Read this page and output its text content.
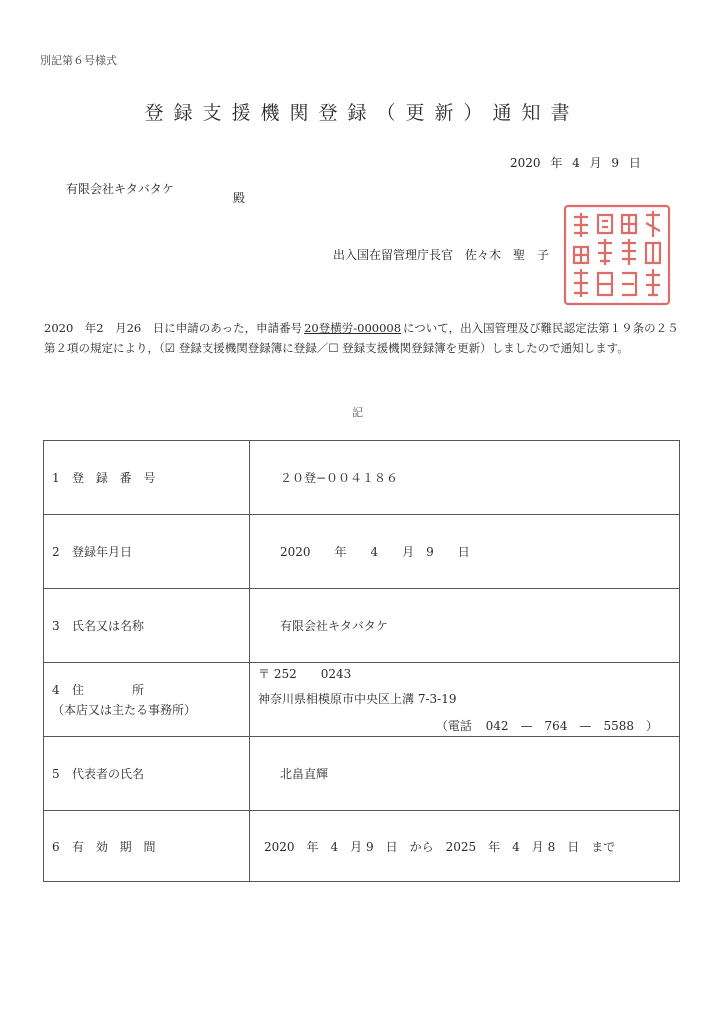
別記第６号様式
登録支援機関登録（更新）通知書
2020 年 4 月 9 日
有限会社キタバタケ
殿
出入国在留管理庁長官　佐々木　聖　子
2020　年2　月26　日に申請のあった，申請番号 20登横労-000008 について，出入国管理及び難民認定法第１９条の２５第２項の規定により，（☑ 登録支援機関登録簿に登録／☐ 登録支援機関登録簿を更新）しましたので通知します。
記
1 登 録 番 号	２０登−００４１８６
2 登録年月日	2020　　年　　4　　月　9　　日
3 氏名又は名称	有限会社キタバタケ
4 住　　　　所
（本店又は主たる事務所）	〒 252　　0243
神奈川県相模原市中央区上溝 7-3-19
（電話 042　—　764　—　5588　）

5 代表者の氏名	北畠直輝
6 有 効 期 間	2020　年　4　月 9　日　から　2025　年　4　月 8　日　まで
